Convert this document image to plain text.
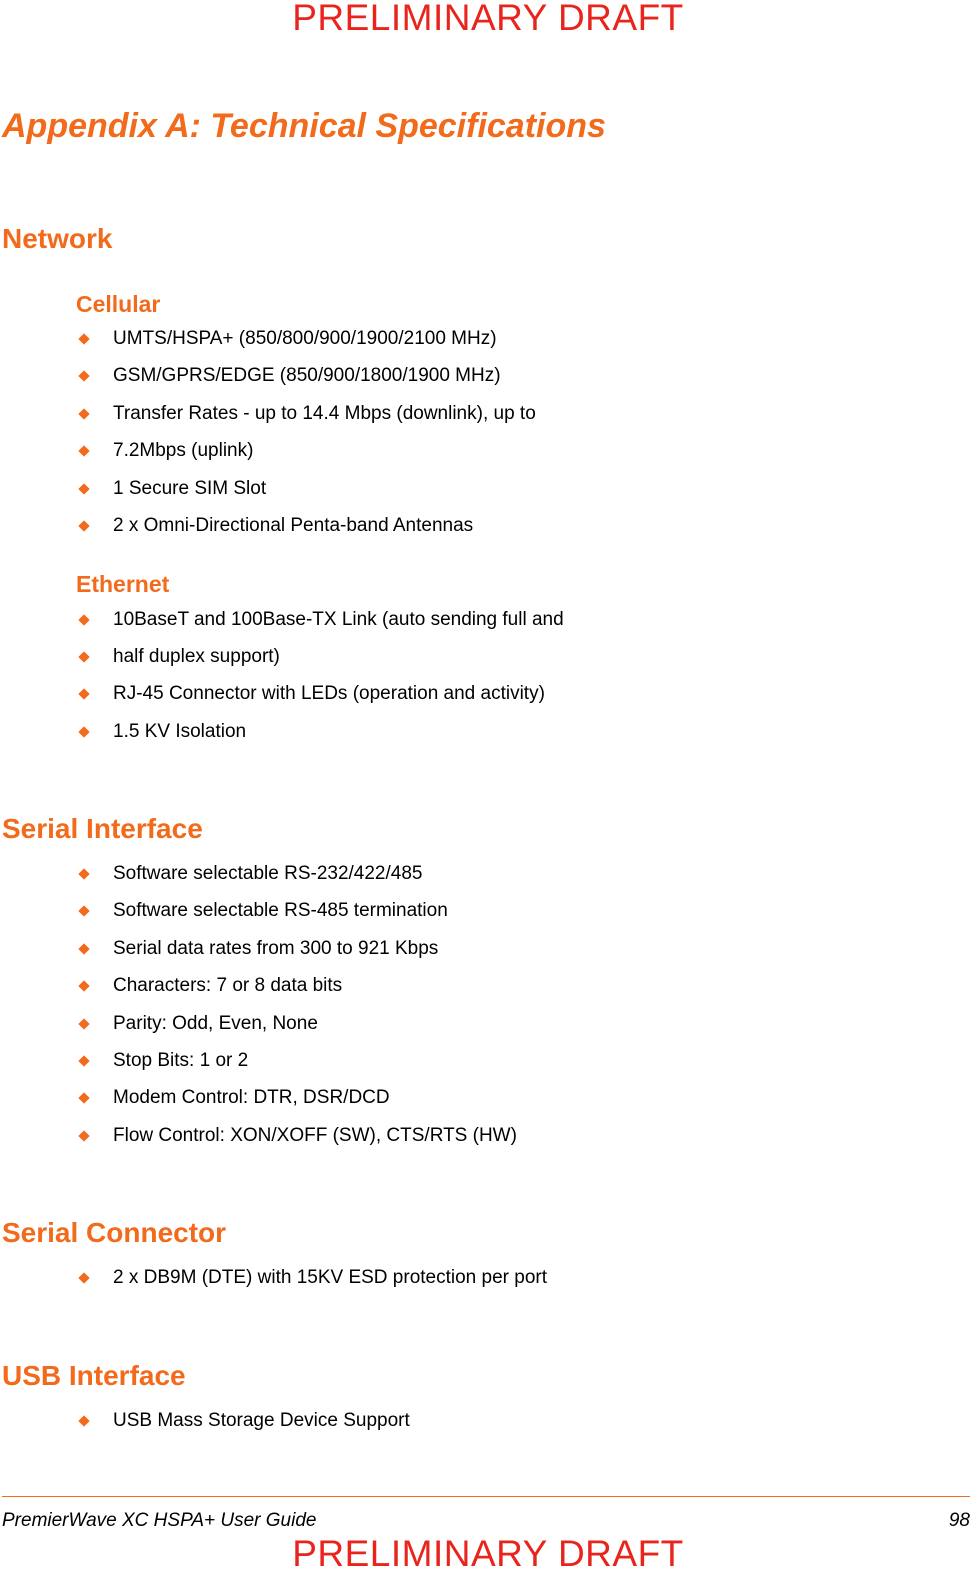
PRELIMINARY DRAFT
Appendix A: Technical Specifications
Network
Cellular
UMTS/HSPA+ (850/800/900/1900/2100 MHz)
GSM/GPRS/EDGE (850/900/1800/1900 MHz)
Transfer Rates - up to 14.4 Mbps (downlink), up to
7.2Mbps (uplink)
1 Secure SIM Slot
2 x Omni-Directional Penta-band Antennas
Ethernet
10BaseT and 100Base-TX Link (auto sending full and
half duplex support)
RJ-45 Connector with LEDs (operation and activity)
1.5 KV Isolation
Serial Interface
Software selectable RS-232/422/485
Software selectable RS-485 termination
Serial data rates from 300 to 921 Kbps
Characters: 7 or 8 data bits
Parity: Odd, Even, None
Stop Bits: 1 or 2
Modem Control: DTR, DSR/DCD
Flow Control: XON/XOFF (SW), CTS/RTS (HW)
Serial Connector
2 x DB9M (DTE) with 15KV ESD protection per port
USB Interface
USB Mass Storage Device Support
PremierWave XC HSPA+ User Guide	98
PRELIMINARY DRAFT
